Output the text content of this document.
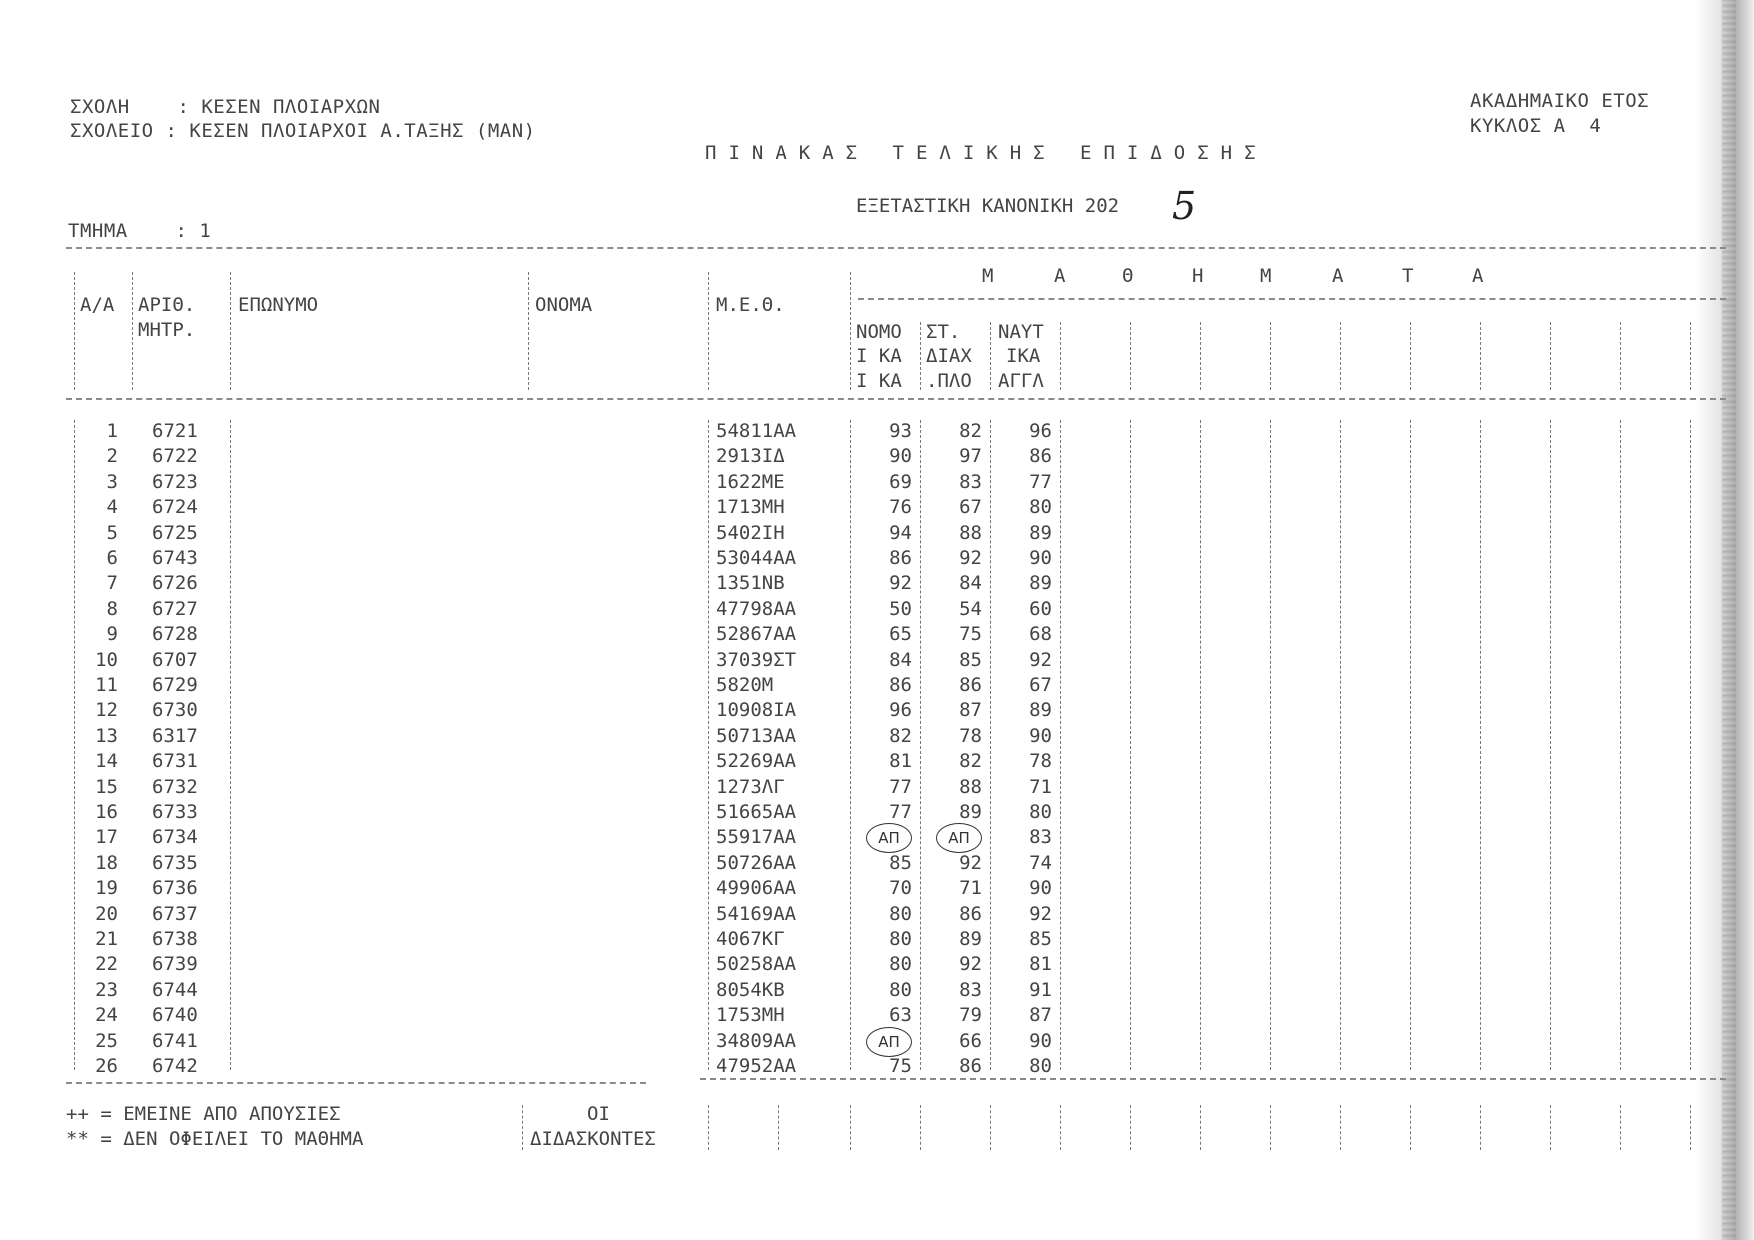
ΣΧΟΛΗ    : ΚΕΣΕΝ ΠΛΟΙΑΡΧΩΝ
ΣΧΟΛΕΙΟ : ΚΕΣΕΝ ΠΛΟΙΑΡΧΟΙ Α.ΤΑΞΗΣ (ΜΑΝ)
ΑΚΑΔΗΜΑΙΚΟ ΕΤΟΣ
ΚΥΚΛΟΣ Α  4
ΠΙΝΑΚΑΣ ΤΕΛΙΚΗΣ ΕΠΙΔΟΣΗΣ
ΕΞΕΤΑΣΤΙΚΗ ΚΑΝΟΝΙΚΗ 202 5
ΤΜΗΜΑ    : 1
Α/Α ΑΡΙΘ.
ΜΗΤΡ.
ΕΠΩΝΥΜΟ	ΟΝΟΜΑ	Μ.Ε.Θ.
Μ	Α	Θ	Η	Μ	Α	Τ	Α
ΝΟΜΟ
Ι ΚΑ
Ι ΚΑ
ΣΤ.
ΔΙΑΧ
.ΠΛΟ
ΝΑΥΤ
ΙΚΑ
ΑΓΓΛ
1 6721	54811ΑΑ	93	82	96
2 6722	2913ΙΔ	90	97	86
3 6723	1622ΜΕ	69	83	77
4 6724	1713ΜΗ	76	67	80
5 6725	5402ΙΗ	94	88	89
6 6743	53044ΑΑ	86	92	90
7 6726	1351ΝΒ	92	84	89
8 6727	47798ΑΑ	50	54	60
9 6728	52867ΑΑ	65	75	68
10 6707	37039ΣΤ	84	85	92
11 6729	5820Μ	86	86	67
12 6730	10908ΙΑ	96	87	89
13 6317	50713ΑΑ	82	78	90
14 6731	52269ΑΑ	81	82	78
15 6732	1273ΛΓ	77	88	71
16 6733	51665ΑΑ	77	89	80
17 6734	55917ΑΑ	ΑΠ	ΑΠ	83
18 6735	50726ΑΑ	85	92	74
19 6736	49906ΑΑ	70	71	90
20 6737	54169ΑΑ	80	86	92
21 6738	4067ΚΓ	80	89	85
22 6739	50258ΑΑ	80	92	81
23 6744	8054ΚΒ	80	83	91
24 6740	1753ΜΗ	63	79	87
25 6741	34809ΑΑ	ΑΠ	66	90
26 6742	47952ΑΑ	75	86	80
++ = ΕΜΕΙΝΕ ΑΠΟ ΑΠΟΥΣΙΕΣ
** = ΔΕΝ ΟΦΕΙΛΕΙ ΤΟ ΜΑΘΗΜΑ
ΟΙ
ΔΙΔΑΣΚΟΝΤΕΣ
